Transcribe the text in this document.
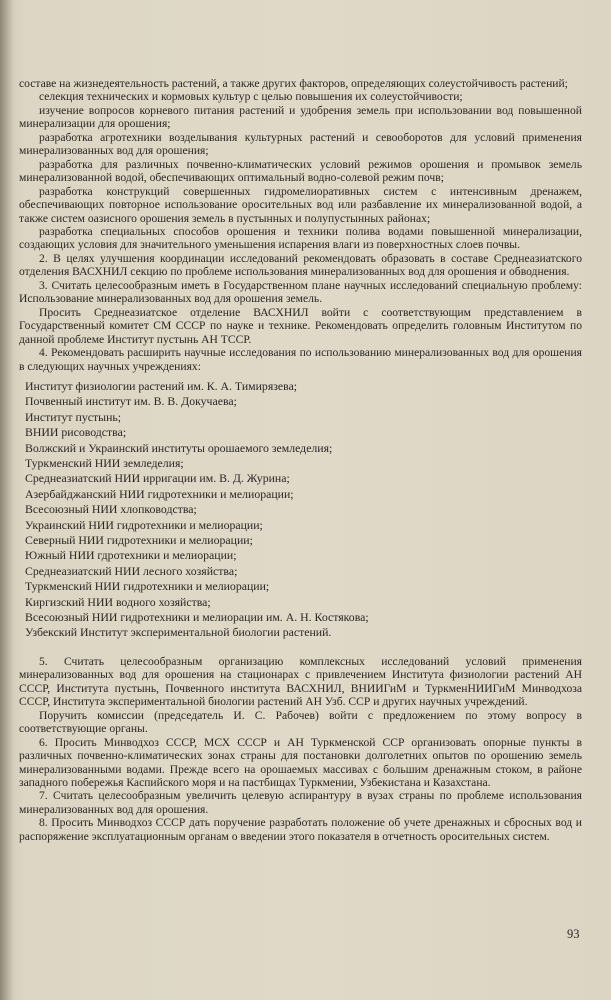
составе на жизнедеятельность растений, а также других факторов, определяющих солеустойчивость растений;

селекция технических и кормовых культур с целью повышения их солеустойчивости;

изучение вопросов корневого питания растений и удобрения земель при использовании вод повышенной минерализации для орошения;

разработка агротехники возделывания культурных растений и севооборотов для условий применения минерализованных вод для орошения;

разработка для различных почвенно-климатических условий режимов орошения и промывок земель минерализованной водой, обеспечивающих оптимальный водно-солевой режим почв;

разработка конструкций совершенных гидромелиоративных систем с интенсивным дренажем, обеспечивающих повторное использование оросительных вод или разбавление их минерализованной водой, а также систем оазисного орошения земель в пустынных и полупустынных районах;

разработка специальных способов орошения и техники полива водами повышенной минерализации, создающих условия для значительного уменьшения испарения влаги из поверхностных слоев почвы.

2. В целях улучшения координации исследований рекомендовать образовать в составе Среднеазиатского отделения ВАСХНИЛ секцию по проблеме использования минерализованных вод для орошения и обводнения.

3. Считать целесообразным иметь в Государственном плане научных исследований специальную проблему: Использование минерализованных вод для орошения земель.

Просить Среднеазиатское отделение ВАСХНИЛ войти с соответствующим представлением в Государственный комитет СМ СССР по науке и технике. Рекомендовать определить головным Институтом по данной проблеме Институт пустынь АН ТССР.

4. Рекомендовать расширить научные исследования по использованию минерализованных вод для орошения в следующих научных учреждениях:

Институт физиологии растений им. К. А. Тимирязева;
Почвенный институт им. В. В. Докучаева;
Институт пустынь;
ВНИИ рисоводства;
Волжский и Украинский институты орошаемого земледелия;
Туркменский НИИ земледелия;
Среднеазиатский НИИ ирригации им. В. Д. Журина;
Азербайджанский НИИ гидротехники и мелиорации;
Всесоюзный НИИ хлопководства;
Украинский НИИ гидротехники и мелиорации;
Северный НИИ гидротехники и мелиорации;
Южный НИИ гдротехники и мелиорации;
Среднеазиатский НИИ лесного хозяйства;
Туркменский НИИ гидротехники и мелиорации;
Киргизский НИИ водного хозяйства;
Всесоюзный НИИ гидротехники и мелиорации им. А. Н. Костякова;
Узбекский Институт экспериментальной биологии растений.

5. Считать целесообразным организацию комплексных исследований условий применения минерализованных вод для орошения на стационарах с привлечением Института физиологии растений АН СССР, Института пустынь, Почвенного института ВАСХНИЛ, ВНИИГиМ и ТуркменНИИГиМ Минводхоза СССР, Института экспериментальной биологии растений АН Узб. ССР и других научных учреждений.

Поручить комиссии (председатель И. С. Рабочев) войти с предложением по этому вопросу в соответствующие органы.

6. Просить Минводхоз СССР, МСХ СССР и АН Туркменской ССР организовать опорные пункты в различных почвенно-климатических зонах страны для постановки долголетних опытов по орошению земель минерализованными водами. Прежде всего на орошаемых массивах с большим дренажным стоком, в районе западного побережья Каспийского моря и на пастбищах Туркмении, Узбекистана и Казахстана.

7. Считать целесообразным увеличить целевую аспирантуру в вузах страны по проблеме использования минерализованных вод для орошения.

8. Просить Минводхоз СССР дать поручение разработать положение об учете дренажных и сбросных вод и распоряжение эксплуатационным органам о введении этого показателя в отчетность оросительных систем.

93
